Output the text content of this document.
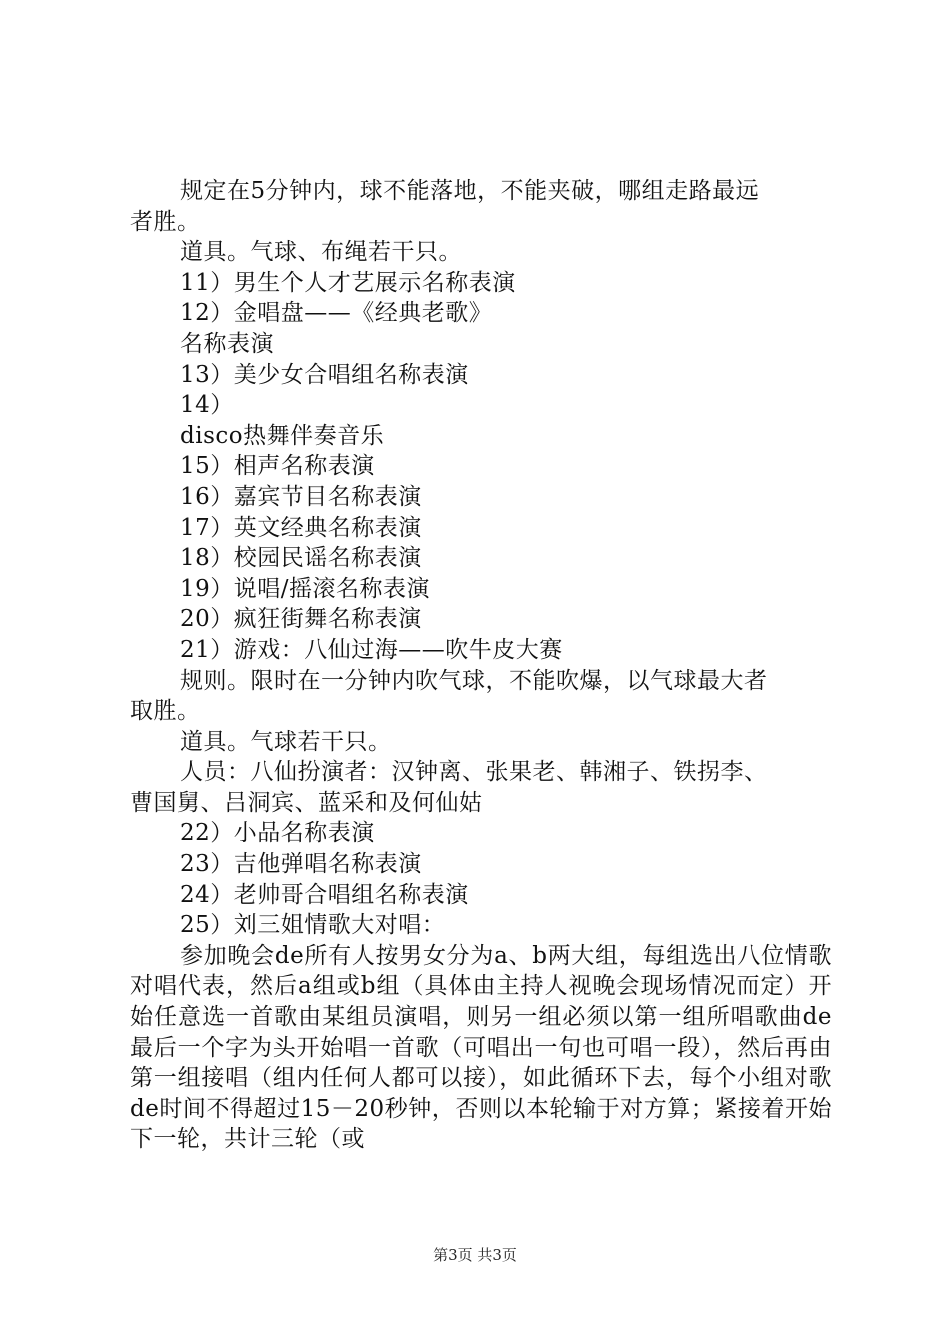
规定在5分钟内，球不能落地，不能夹破，哪组走路最远
者胜。
道具。气球、布绳若干只。
11）男生个人才艺展示名称表演
12）金唱盘——《经典老歌》
名称表演
13）美少女合唱组名称表演
14）
disco热舞伴奏音乐
15）相声名称表演
16）嘉宾节目名称表演
17）英文经典名称表演
18）校园民谣名称表演
19）说唱/摇滚名称表演
20）疯狂街舞名称表演
21）游戏：八仙过海——吹牛皮大赛
规则。限时在一分钟内吹气球，不能吹爆，以气球最大者
取胜。
道具。气球若干只。
人员：八仙扮演者：汉钟离、张果老、韩湘子、铁拐李、
曹国舅、吕洞宾、蓝采和及何仙姑
22）小品名称表演
23）吉他弹唱名称表演
24）老帅哥合唱组名称表演
25）刘三姐情歌大对唱：

参加晚会de所有人按男女分为a、b两大组，每组选出八位情歌对唱代表，然后a组或b组（具体由主持人视晚会现场情况而定）开始任意选一首歌由某组员演唱，则另一组必须以第一组所唱歌曲de最后一个字为头开始唱一首歌（可唱出一句也可唱一段），然后再由第一组接唱（组内任何人都可以接），如此循环下去，每个小组对歌de时间不得超过15－20秒钟，否则以本轮输于对方算；紧接着开始下一轮，共计三轮（或

第3页 共3页
